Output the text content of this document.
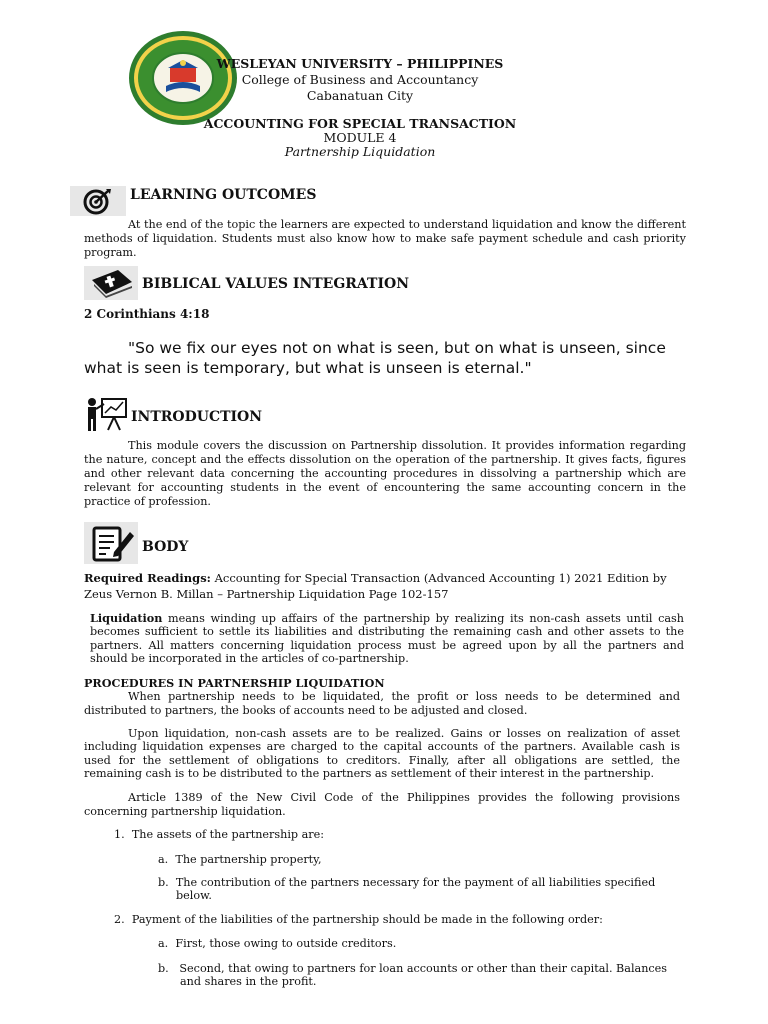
WESLEYAN UNIVERSITY – PHILIPPINES
College of Business and Accountancy
Cabanatuan City
ACCOUNTING FOR SPECIAL TRANSACTION
MODULE 4
Partnership Liquidation
LEARNING OUTCOMES
At the end of the topic the learners are expected to understand liquidation and know the different methods of liquidation. Students must also know how to make safe payment schedule and cash priority program.
BIBLICAL VALUES INTEGRATION
2 Corinthians 4:18
"So we fix our eyes not on what is seen, but on what is unseen, since
what is seen is temporary, but what is unseen is eternal."
INTRODUCTION
This module covers the discussion on Partnership dissolution. It provides information regarding the nature, concept and the effects dissolution on the operation of the partnership. It gives facts, figures and other relevant data concerning the accounting procedures in dissolving a partnership which are relevant for accounting students in the event of encountering the same accounting concern in the practice of profession.
BODY
Required Readings: Accounting for Special Transaction (Advanced Accounting 1) 2021 Edition by Zeus Vernon B. Millan – Partnership Liquidation Page 102-157
Liquidation means winding up affairs of the partnership by realizing its non-cash assets until cash becomes sufficient to settle its liabilities and distributing the remaining cash and other assets to the partners. All matters concerning liquidation process must be agreed upon by all the partners and should be incorporated in the articles of co-partnership.
PROCEDURES IN PARTNERSHIP LIQUIDATION
When partnership needs to be liquidated, the profit or loss needs to be determined and distributed to partners, the books of accounts need to be adjusted and closed.
Upon liquidation, non-cash assets are to be realized. Gains or losses on realization of asset including liquidation expenses are charged to the capital accounts of the partners. Available cash is used for the settlement of obligations to creditors. Finally, after all obligations are settled, the remaining cash is to be distributed to the partners as settlement of their interest in the partnership.
Article 1389 of the New Civil Code of the Philippines provides the following provisions concerning partnership liquidation.
1. The assets of the partnership are:
a. The partnership property,
b. The contribution of the partners necessary for the payment of all liabilities specified below.
2. Payment of the liabilities of the partnership should be made in the following order:
a. First, those owing to outside creditors.
b. Second, that owing to partners for loan accounts or other than their capital. Balances and shares in the profit.
